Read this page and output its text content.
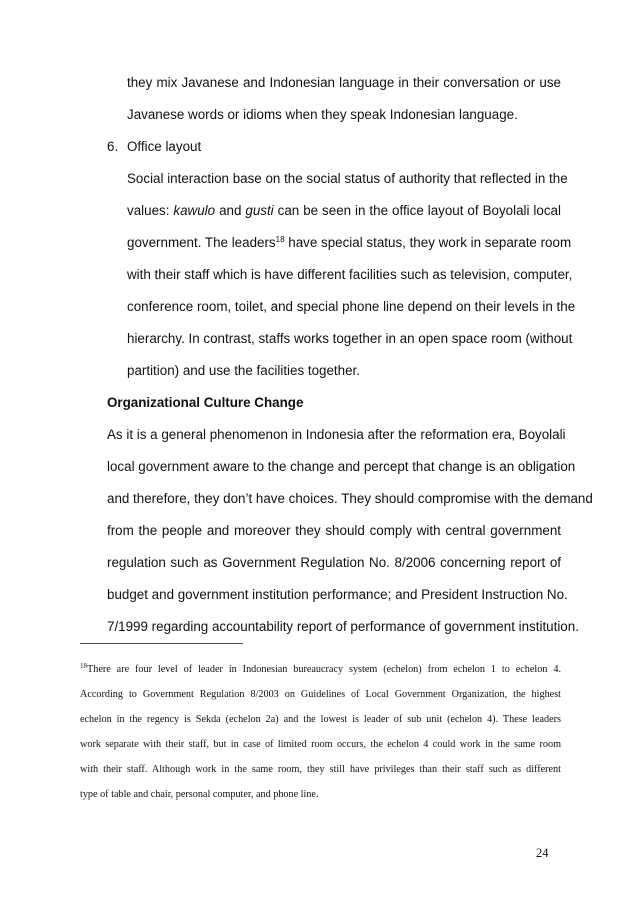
they mix Javanese and Indonesian language in their conversation or use
Javanese words or idioms when they speak Indonesian language.
6. Office layout
Social interaction base on the social status of authority that reflected in the
values: kawulo and gusti can be seen in the office layout of Boyolali local
government. The leaders$^{18}$ have special status, they work in separate room
with their staff which is have different facilities such as television, computer,
conference room, toilet, and special phone line depend on their levels in the
hierarchy. In contrast, staffs works together in an open space room (without
partition) and use the facilities together.
Organizational Culture Change
As it is a general phenomenon in Indonesia after the reformation era, Boyolali
local government aware to the change and percept that change is an obligation
and therefore, they don’t have choices. They should compromise with the demand
from the people and moreover they should comply with central government
regulation such as Government Regulation No. 8/2006 concerning report of
budget and government institution performance; and President Instruction No.
7/1999 regarding accountability report of performance of government institution.
$^{18}$There are four level of leader in Indonesian bureaucracy system (echelon) from echelon 1 to echelon 4.
According to Government Regulation 8/2003 on Guidelines of Local Government Organization, the highest
echelon in the regency is Sekda (echelon 2a) and the lowest is leader of sub unit (echelon 4). These leaders
work separate with their staff, but in case of limited room occurs, the echelon 4 could work in the same room
with their staff. Although work in the same room, they still have privileges than their staff such as different
type of table and chair, personal computer, and phone line.
24
